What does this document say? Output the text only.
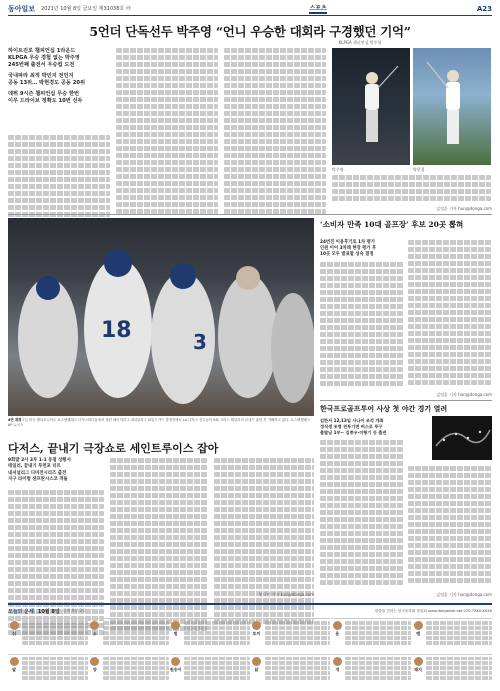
동아일보 2021년 10월 8일 금요일 제31038호 ㉵	스포츠	A23
5언더 단독선두 박주영 “언니 우승한 대회라 구경했던 기억”
KLPGA 챔피언십 박주영
하이트진로 챔피언십 1라운드
KLPGA 우승 경험 없는 박주영
245번째 출전서 우승컵 도전
국내파라 최적 박민지 전인지
공동 13위… 박현경도 공동 20위
데뷔 9시즌 챔피언십 무승 한번
이우 드라이브 정확도 10번 선두
박주영	박현경
김정훈 기자 hun@donga.com
18	3
4연 재경 7일 미국 캘리포니아주 로스앤젤레스 다저스타디움에서 열린 메이저리그 내셔널리그 와일드카드 결정전에서 LA 다저스 선수들이 9회 크리스 테일러의 끝내기 홈런 후 기뻐하고 있다. 로스앤젤레스 AP 뉴시스
‘소비자 만족 10대 골프장’ 후보 20곳 뽑혀
24번진 이용후기로 1차 평가
인원 이어 3차례 현장 평가 후
10곳 모두 발표할 성숙 결정
김정훈 기자 hun@donga.com
한국프로골프투어 사상 첫 야간 경기 열려
김한서 12,13일 사나이 조각 개최
정식생 조명 전투기면 버스로 투구
출발남 1부~ 김종우·이형기 등 출전
김정훈 기자 hun@donga.com
다저스, 끝내기 극장쇼로 세인트루이스 잡아
9회말 2사 3루 1-1 동점 상황서
테일러, 끝내기 투런포 터트
내셔널리그 디비전시리즈 출전
지구 라이벌 샌프란시스코 격돌
황규인 기자 kini@donga.com
오늘의 운세 10월 8일 음력 9월 3일	말씀을 전하는 한국동학회 정설회 www.dongahak.net 070-75XX-XXXX
쥐	소	범	토끼	용	뱀
말	양	원숭이	닭	개	돼지
